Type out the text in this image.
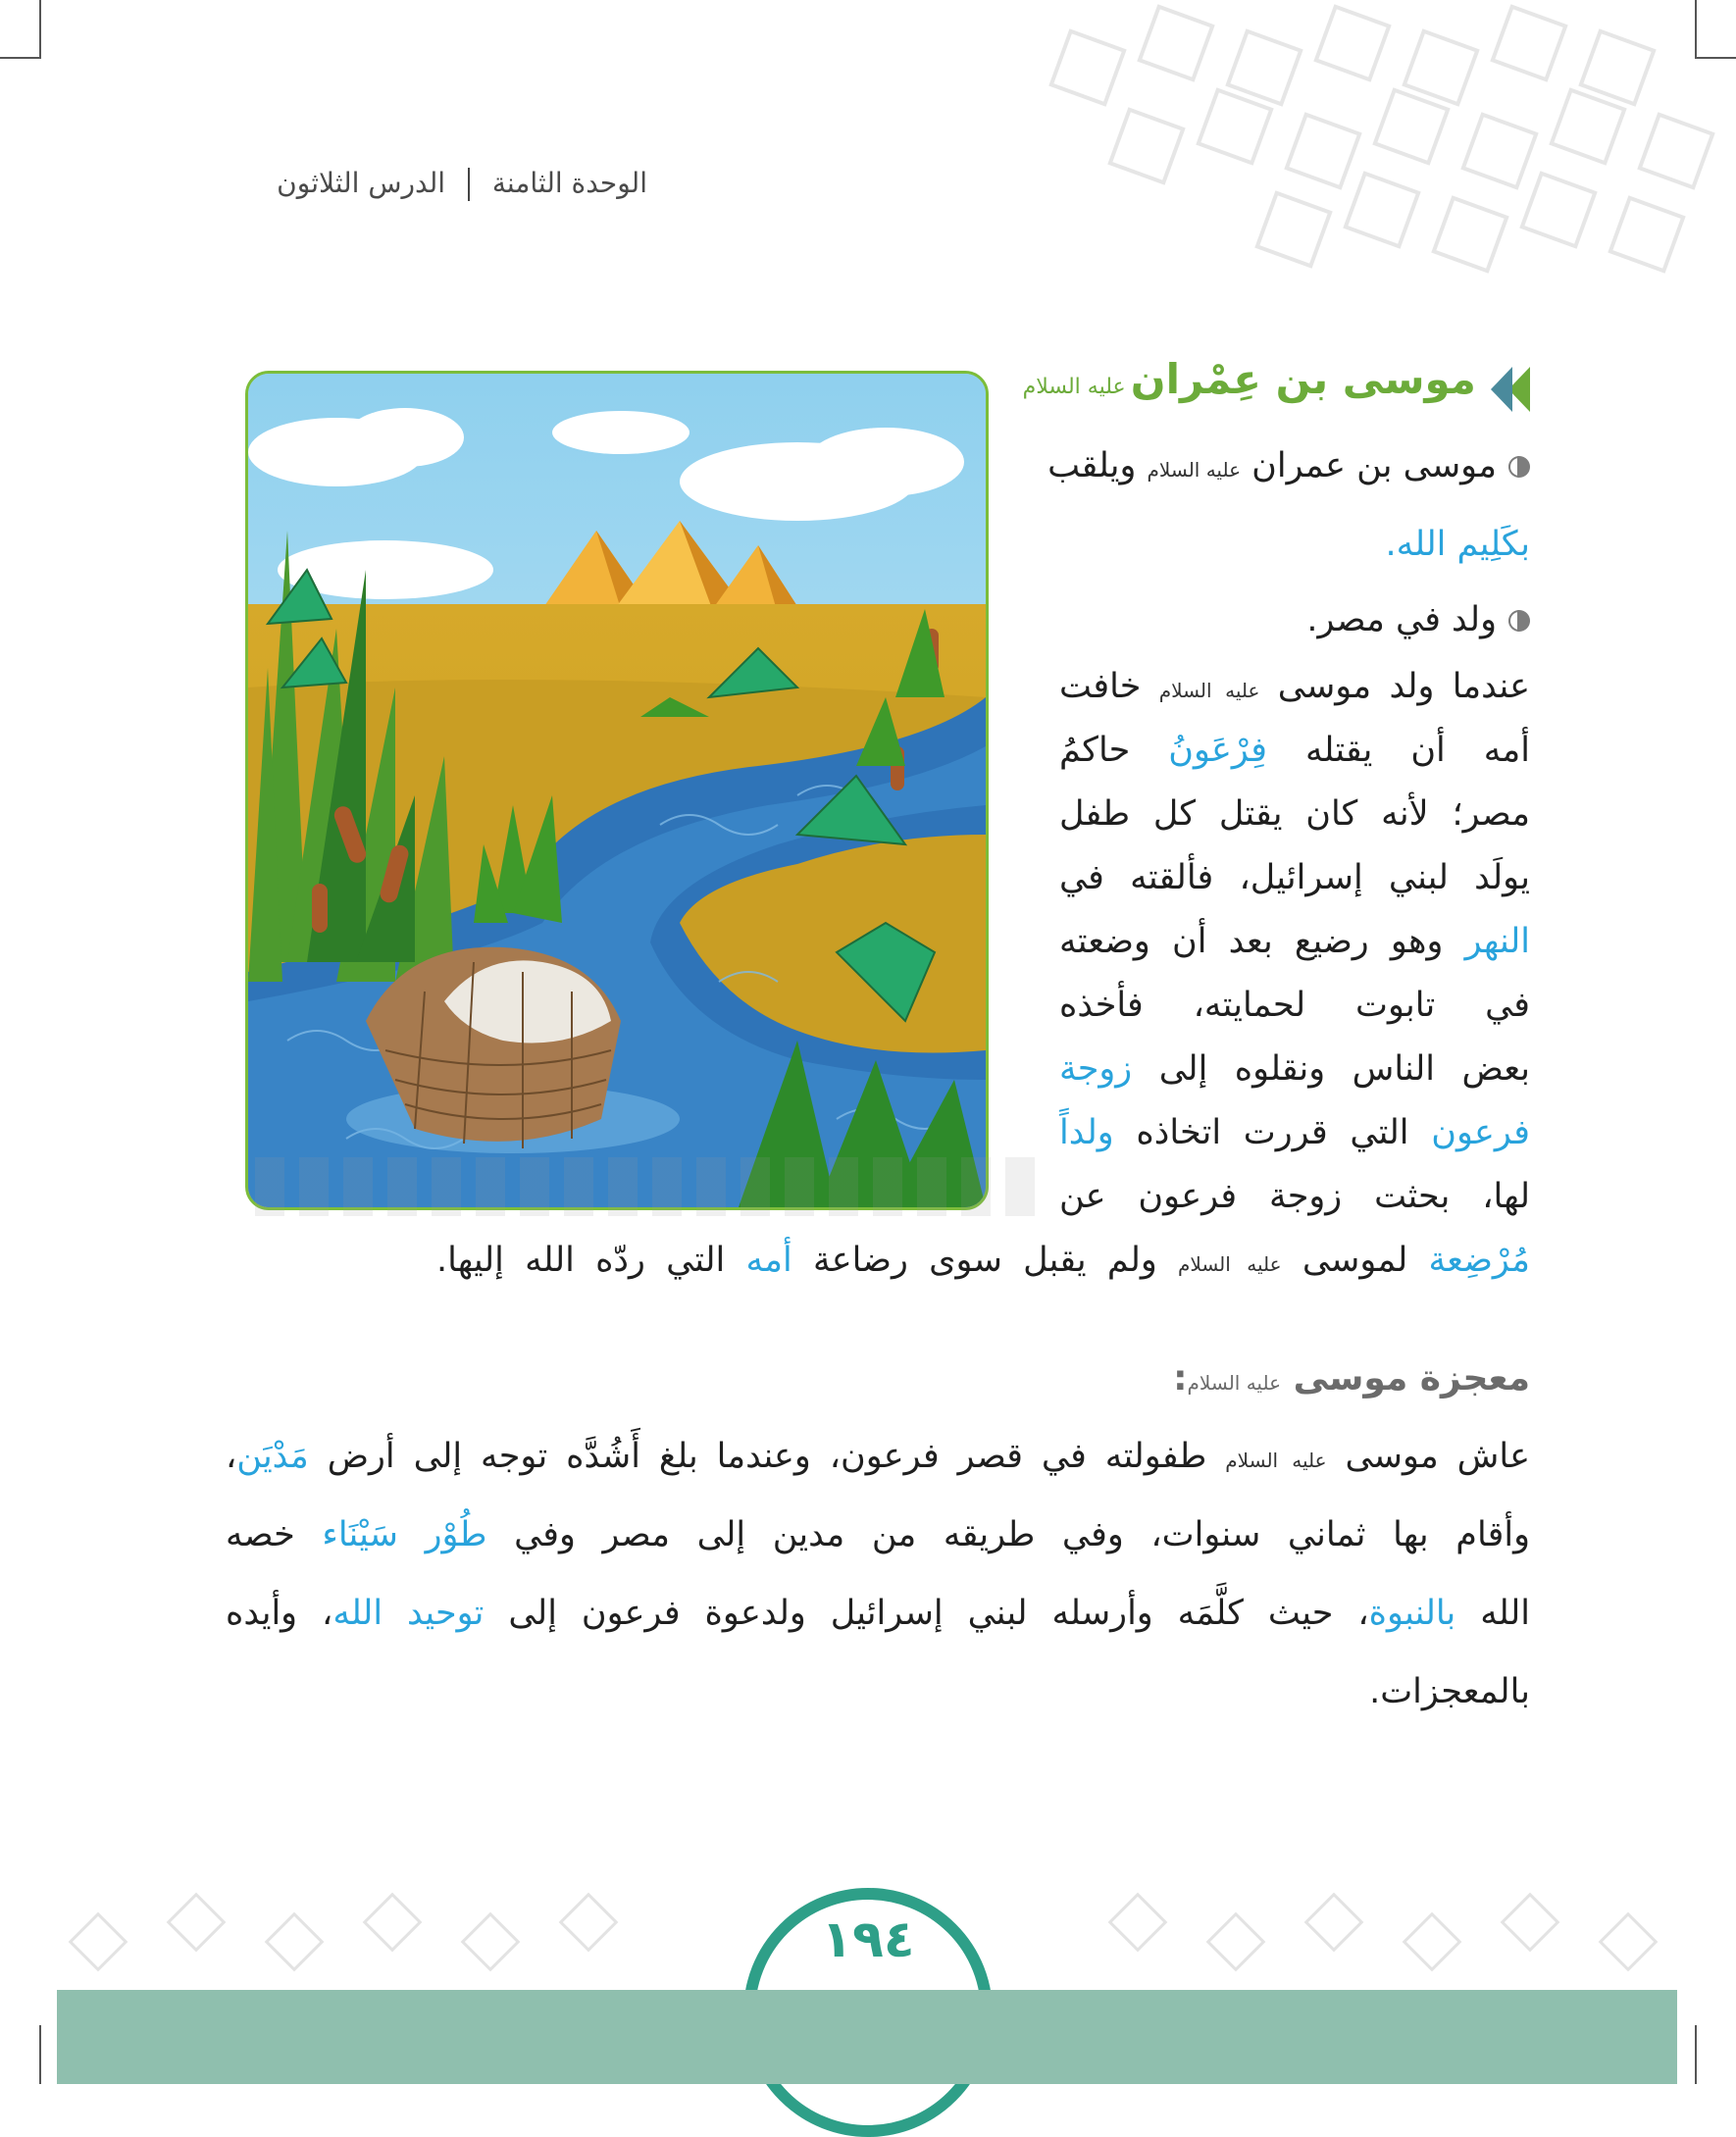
الوحدة الثامنة  الدرس الثلاثون
موسى بن عِمْران عليه السلام
موسى بن عمران عليه السلام ويلقب
بكَلِيم الله.
ولد في مصر.
عندما ولد موسى عليه السلام خافت
أمه أن يقتله فِرْعَونُ حاكمُ
مصر؛ لأنه كان يقتل كل طفل
يولَد لبني إسرائيل، فألقته في
النهر وهو رضيع بعد أن وضعته
في تابوت لحمايته، فأخذه
بعض الناس ونقلوه إلى زوجة
فرعون التي قررت اتخاذه ولداً
لها، بحثت زوجة فرعون عن
مُرْضِعة لموسى عليه السلام ولم يقبل سوى رضاعة أمه التي ردّه الله إليها.
معجزة موسى عليه السلام:
عاش موسى عليه السلام طفولته في قصر فرعون، وعندما بلغ أَشُدَّه توجه إلى أرض مَدْيَن،
وأقام بها ثماني سنوات، وفي طريقه من مدين إلى مصر وفي طُوْر سَيْنَاء خصه
الله بالنبوة، حيث كلَّمَه وأرسله لبني إسرائيل ولدعوة فرعون إلى توحيد الله، وأيده
بالمعجزات.
١٩٤
